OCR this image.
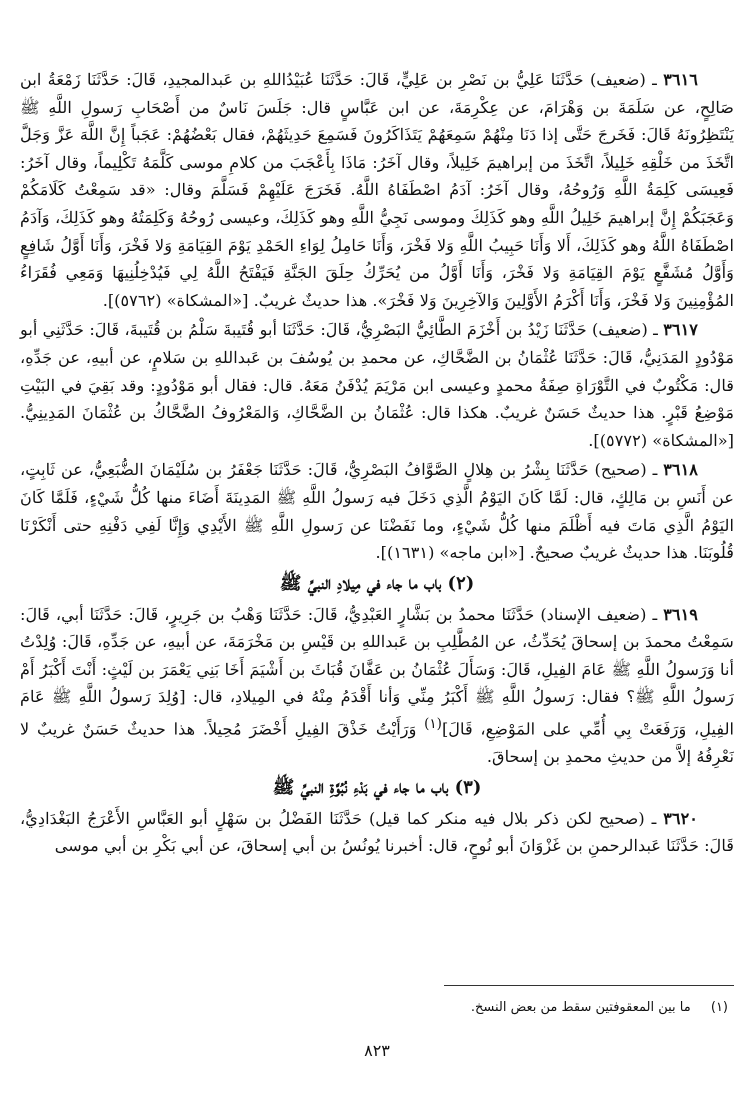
٣٦١٦ ـ (ضعيف) حَدَّثَنَا عَلِيُّ بن نَصْرِ بن عَلِيٍّ، قَالَ: حَدَّثَنَا عُبَيْدُاللهِ بن عَبدالمجيدِ، قَالَ: حَدَّثَنَا زَمْعَةُ ابن صَالِحٍ، عن سَلَمَةَ بن وَهْرَامَ، عن عِكْرِمَةَ، عن ابن عَبَّاسٍ قال: جَلَسَ نَاسٌ من أَصْحَابِ رَسولِ اللَّهِ ﷺ يَنْتَظِرُونَهُ قَالَ: فَخَرجَ حَتَّى إذا دَنَا مِنْهُمْ سَمِعَهُمْ يَتَذَاكَرُونَ فَسَمِعَ حَدِيثَهُمْ، فقال بَعْضُهُمْ: عَجَباً إِنَّ اللَّهَ عَزَّ وَجَلَّ اتَّخَذَ من خَلْقِهِ خَلِيلاً، اتَّخَذَ من إبراهيمَ خَلِيلاً، وقال آخَرُ: مَاذَا بِأَعْجَبَ من كلامِ موسى كَلَّمَهُ تَكْلِيماً، وقال آخَرُ: فَعِيسَى كَلِمَةُ اللَّهِ وَرُوحُهُ، وقال آخَرُ: آدَمُ اصْطَفَاهُ اللَّهُ. فَخَرَجَ عَلَيْهِمْ فَسَلَّمَ وقال: «قد سَمِعْتُ كَلَامَكُمْ وَعَجَبَكُمْ إِنَّ إبراهيمَ خَلِيلُ اللَّهِ وهو كَذَلِكَ وموسى نَجِيُّ اللَّهِ وهو كَذَلِكَ، وعيسى رُوحُهُ وَكَلِمَتُهُ وهو كَذَلِكَ، وَآدَمُ اصْطَفَاهُ اللَّهُ وهو كَذَلِكَ، أَلا وَأَنَا حَبِيبُ اللَّهِ وَلا فَخْرَ، وَأَنَا حَامِلُ لِوَاءِ الحَمْدِ يَوْمَ القِيَامَةِ وَلا فَخْرَ، وَأَنَا أَوَّلُ شَافِعٍ وَأَوَّلُ مُشَفَّعٍ يَوْمَ القِيَامَةِ وَلا فَخْرَ، وَأَنَا أَوَّلُ من يُحَرِّكُ حِلَقَ الجَنَّةِ فَيَفْتَحُ اللَّهُ لِي فَيُدْخِلُنِيهَا وَمَعِي فُقَرَاءُ المُؤْمِنِينَ وَلا فَخْرَ، وَأَنَا أَكْرَمُ الأَوَّلِينَ وَالآخِرِينَ وَلا فَخْرَ». هذا حديثٌ غريبٌ. [«المشكاة» (٥٧٦٢)].

٣٦١٧ ـ (ضعيف) حَدَّثَنَا زَيْدُ بن أَخْزَمَ الطَّائِيُّ البَصْرِيُّ، قَالَ: حَدَّثَنَا أبو قُتَيبةَ سَلْمُ بن قُتَيبةَ، قَالَ: حَدَّثَنِي أبو مَوْدُودٍ المَدَنِيُّ، قَالَ: حَدَّثَنَا عُثْمَانُ بن الضَّحَّاكِ، عن محمدِ بن يُوسُفَ بن عَبداللهِ بن سَلامٍ، عن أبيهِ، عن جَدِّهِ، قال: مَكْتُوبٌ في التَّوْرَاةِ صِفَةُ محمدٍ وعيسى ابن مَرْيَمَ يُدْفَنُ مَعَهُ. قال: فقال أبو مَوْدُودٍ: وقد بَقِيَ في البَيْتِ مَوْضِعُ قَبْرٍ. هذا حديثٌ حَسَنٌ غريبٌ. هكذا قال: عُثْمَانُ بن الضَّحَّاكِ، وَالمَعْرُوفُ الضَّحَّاكُ بن عُثْمَانَ المَدِينِيُّ. [«المشكاة» (٥٧٧٢)].

٣٦١٨ ـ (صحيح) حَدَّثَنَا بِشْرُ بن هِلالٍ الصَّوَّافُ البَصْرِيُّ، قَالَ: حَدَّثَنَا جَعْفَرُ بن سُلَيْمَانَ الضُّبَعِيُّ، عن ثَابِتٍ، عن أَنَسِ بن مَالِكٍ، قال: لَمَّا كَانَ اليَوْمُ الَّذِي دَخَلَ فيه رَسولُ اللَّهِ ﷺ المَدِينَةَ أَضَاءَ منها كُلُّ شَيْءٍ، فَلَمَّا كَانَ اليَوْمُ الَّذِي مَاتَ فيه أَظْلَمَ منها كُلُّ شَيْءٍ، وما نَفَضْنَا عن رَسولِ اللَّهِ ﷺ الأَيْدِي وَإِنَّا لَفِي دَفْنِهِ حتى أَنْكَرْنَا قُلُوبَنَا. هذا حديثٌ غريبٌ صحيحٌ. [«ابن ماجه» (١٦٣١)].

(٢) باب ما جاء في مِيلادِ النبيِّ ﷺ

٣٦١٩ ـ (ضعيف الإسناد) حَدَّثَنَا محمدُ بن بَشَّارٍ العَبْدِيُّ، قَالَ: حَدَّثَنَا وَهْبُ بن جَرِيرٍ، قَالَ: حَدَّثَنَا أبي، قَالَ: سَمِعْتُ محمدَ بن إسحاقَ يُحَدِّثُ، عن المُطَّلِبِ بن عَبداللهِ بن قَيْسِ بن مَخْرَمَةَ، عن أبيهِ، عن جَدِّهِ، قَالَ: وُلِدْتُ أنا وَرَسولُ اللَّهِ ﷺ عَامَ الفِيلِ، قَالَ: وَسَأَلَ عُثْمَانُ بن عَفَّانَ قُبَاثَ بن أَشْيَمَ أَخَا بَنِي يَعْمَرَ بن لَيْثٍ: أَنْتَ أَكْبَرُ أَمْ رَسولُ اللَّهِ ﷺ؟ فقال: رَسولُ اللَّهِ ﷺ أَكْبَرُ مِنِّي وَأنا أَقْدَمُ مِنْهُ في المِيلادِ، قال: [وُلِدَ رَسولُ اللَّهِ ﷺ عَامَ الفِيلِ، وَرَفَعَتْ بِي أُمِّي على المَوْضِعِ، قَالَ]$^{(١)}$ وَرَأَيْتُ خَذْقَ الفِيلِ أَخْضَرَ مُحِيلاً. هذا حديثٌ حَسَنٌ غريبٌ لا نَعْرِفُهُ إلاَّ من حديثِ محمدِ بن إسحاقَ.

(٣) باب ما جاء في بَدْءِ نُبُوَّةِ النبيِّ ﷺ

٣٦٢٠ ـ (صحيح لكن ذكر بلال فيه منكر كما قيل) حَدَّثَنَا الفَضْلُ بن سَهْلٍ أبو العَبَّاسِ الأَعْرَجُ البَغْدَادِيُّ، قَالَ: حَدَّثَنَا عَبدالرحمنِ بن غَزْوَانَ أبو نُوحٍ، قال: أخبرنا يُونُسُ بن أبي إسحاقَ، عن أبي بَكْرِ بن أبي موسى

(١) ما بين المعقوفتين سقط من بعض النسخ.
٨٢٣
